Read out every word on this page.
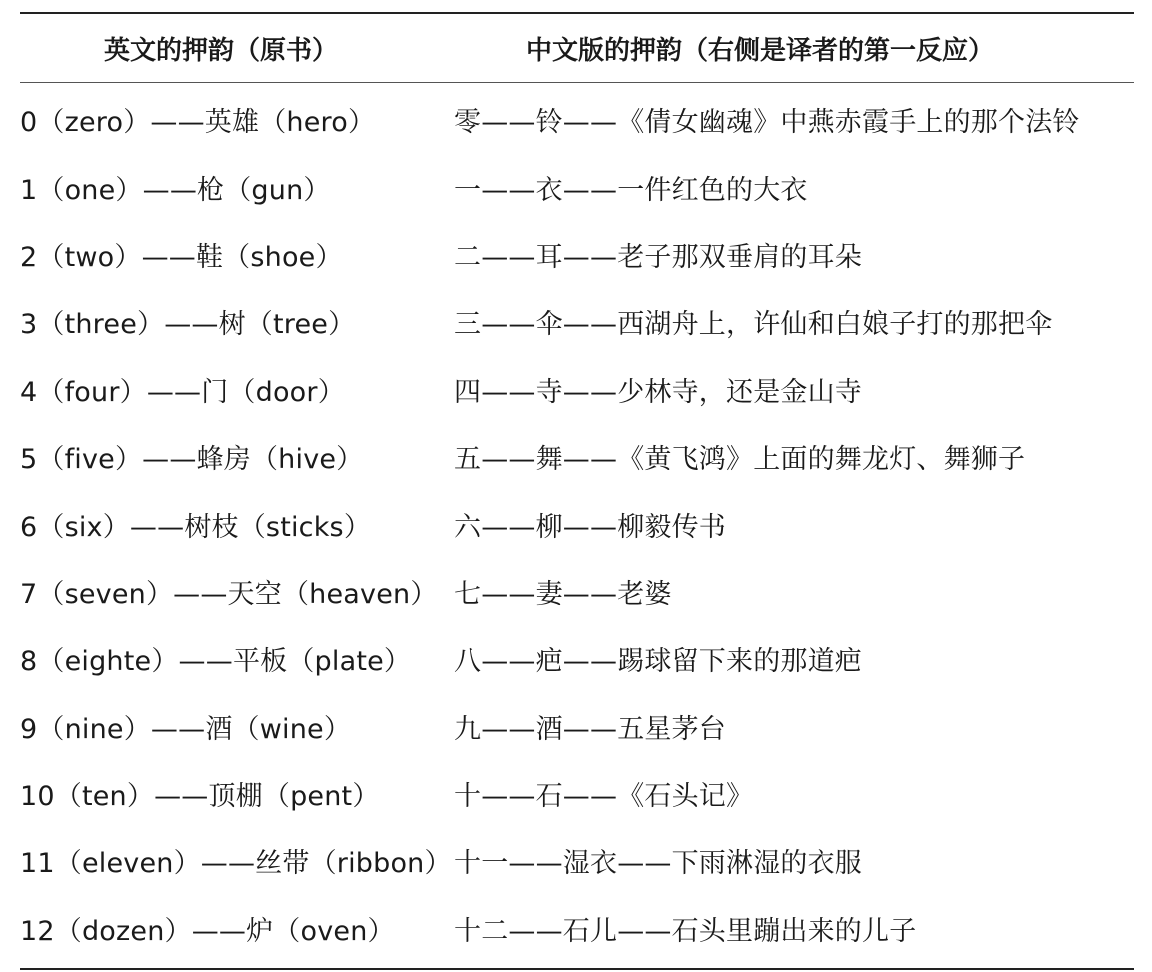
英文的押韵（原书）	中文版的押韵（右侧是译者的第一反应）
0（zero）——英雄（hero）	零——铃——《倩女幽魂》中燕赤霞手上的那个法铃
1（one）——枪（gun）	一——衣——一件红色的大衣
2（two）——鞋（shoe）	二——耳——老子那双垂肩的耳朵
3（three）——树（tree）	三——伞——西湖舟上，许仙和白娘子打的那把伞
4（four）——门（door）	四——寺——少林寺，还是金山寺
5（five）——蜂房（hive）	五——舞——《黄飞鸿》上面的舞龙灯、舞狮子
6（six）——树枝（sticks）	六——柳——柳毅传书
7（seven）——天空（heaven） 七——妻——老婆
8（eighte）——平板（plate）	八——疤——踢球留下来的那道疤
9（nine）——酒（wine）	九——酒——五星茅台
10（ten）——顶棚（pent）	十——石——《石头记》
11（eleven）——丝带（ribbon） 十一——湿衣——下雨淋湿的衣服
12（dozen）——炉（oven）	十二——石儿——石头里蹦出来的儿子
